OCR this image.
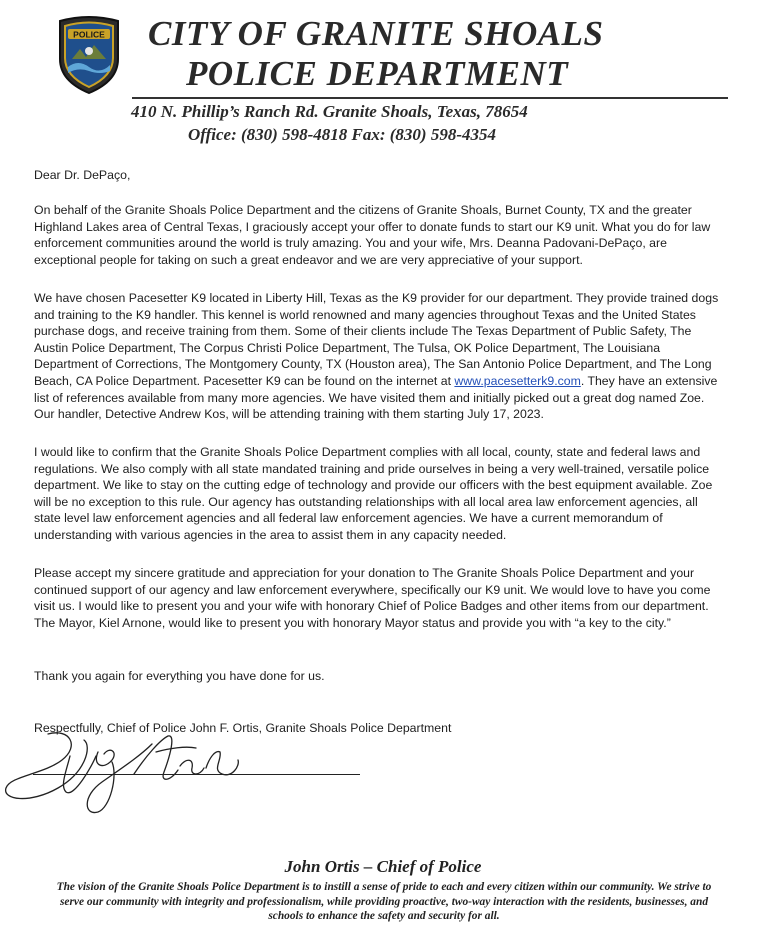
POLICE CITY OF GRANITE SHOALS
POLICE DEPARTMENT
410 N. Phillip’s Ranch Rd. Granite Shoals, Texas, 78654
Office: (830) 598-4818 Fax: (830) 598-4354
Dear Dr. DePaço,
On behalf of the Granite Shoals Police Department and the citizens of Granite Shoals, Burnet County, TX and the greater Highland Lakes area of Central Texas, I graciously accept your offer to donate funds to start our K9 unit. What you do for law enforcement communities around the world is truly amazing. You and your wife, Mrs. Deanna Padovani-DePaço, are exceptional people for taking on such a great endeavor and we are very appreciative of your support.
We have chosen Pacesetter K9 located in Liberty Hill, Texas as the K9 provider for our department. They provide trained dogs and training to the K9 handler. This kennel is world renowned and many agencies throughout Texas and the United States purchase dogs, and receive training from them. Some of their clients include The Texas Department of Public Safety, The Austin Police Department, The Corpus Christi Police Department, The Tulsa, OK Police Department, The Louisiana Department of Corrections, The Montgomery County, TX (Houston area), The San Antonio Police Department, and The Long Beach, CA Police Department. Pacesetter K9 can be found on the internet at www.pacesetterk9.com. They have an extensive list of references available from many more agencies. We have visited them and initially picked out a great dog named Zoe. Our handler, Detective Andrew Kos, will be attending training with them starting July 17, 2023.
I would like to confirm that the Granite Shoals Police Department complies with all local, county, state and federal laws and regulations. We also comply with all state mandated training and pride ourselves in being a very well-trained, versatile police department. We like to stay on the cutting edge of technology and provide our officers with the best equipment available. Zoe will be no exception to this rule. Our agency has outstanding relationships with all local area law enforcement agencies, all state level law enforcement agencies and all federal law enforcement agencies. We have a current memorandum of understanding with various agencies in the area to assist them in any capacity needed.
Please accept my sincere gratitude and appreciation for your donation to The Granite Shoals Police Department and your continued support of our agency and law enforcement everywhere, specifically our K9 unit. We would love to have you come visit us. I would like to present you and your wife with honorary Chief of Police Badges and other items from our department. The Mayor, Kiel Arnone, would like to present you with honorary Mayor status and provide you with “a key to the city.”
Thank you again for everything you have done for us.
Respectfully, Chief of Police John F. Ortis, Granite Shoals Police Department
John Ortis – Chief of Police
The vision of the Granite Shoals Police Department is to instill a sense of pride to each and every citizen within our community. We strive to serve our community with integrity and professionalism, while providing proactive, two-way interaction with the residents, businesses, and schools to enhance the safety and security for all.
